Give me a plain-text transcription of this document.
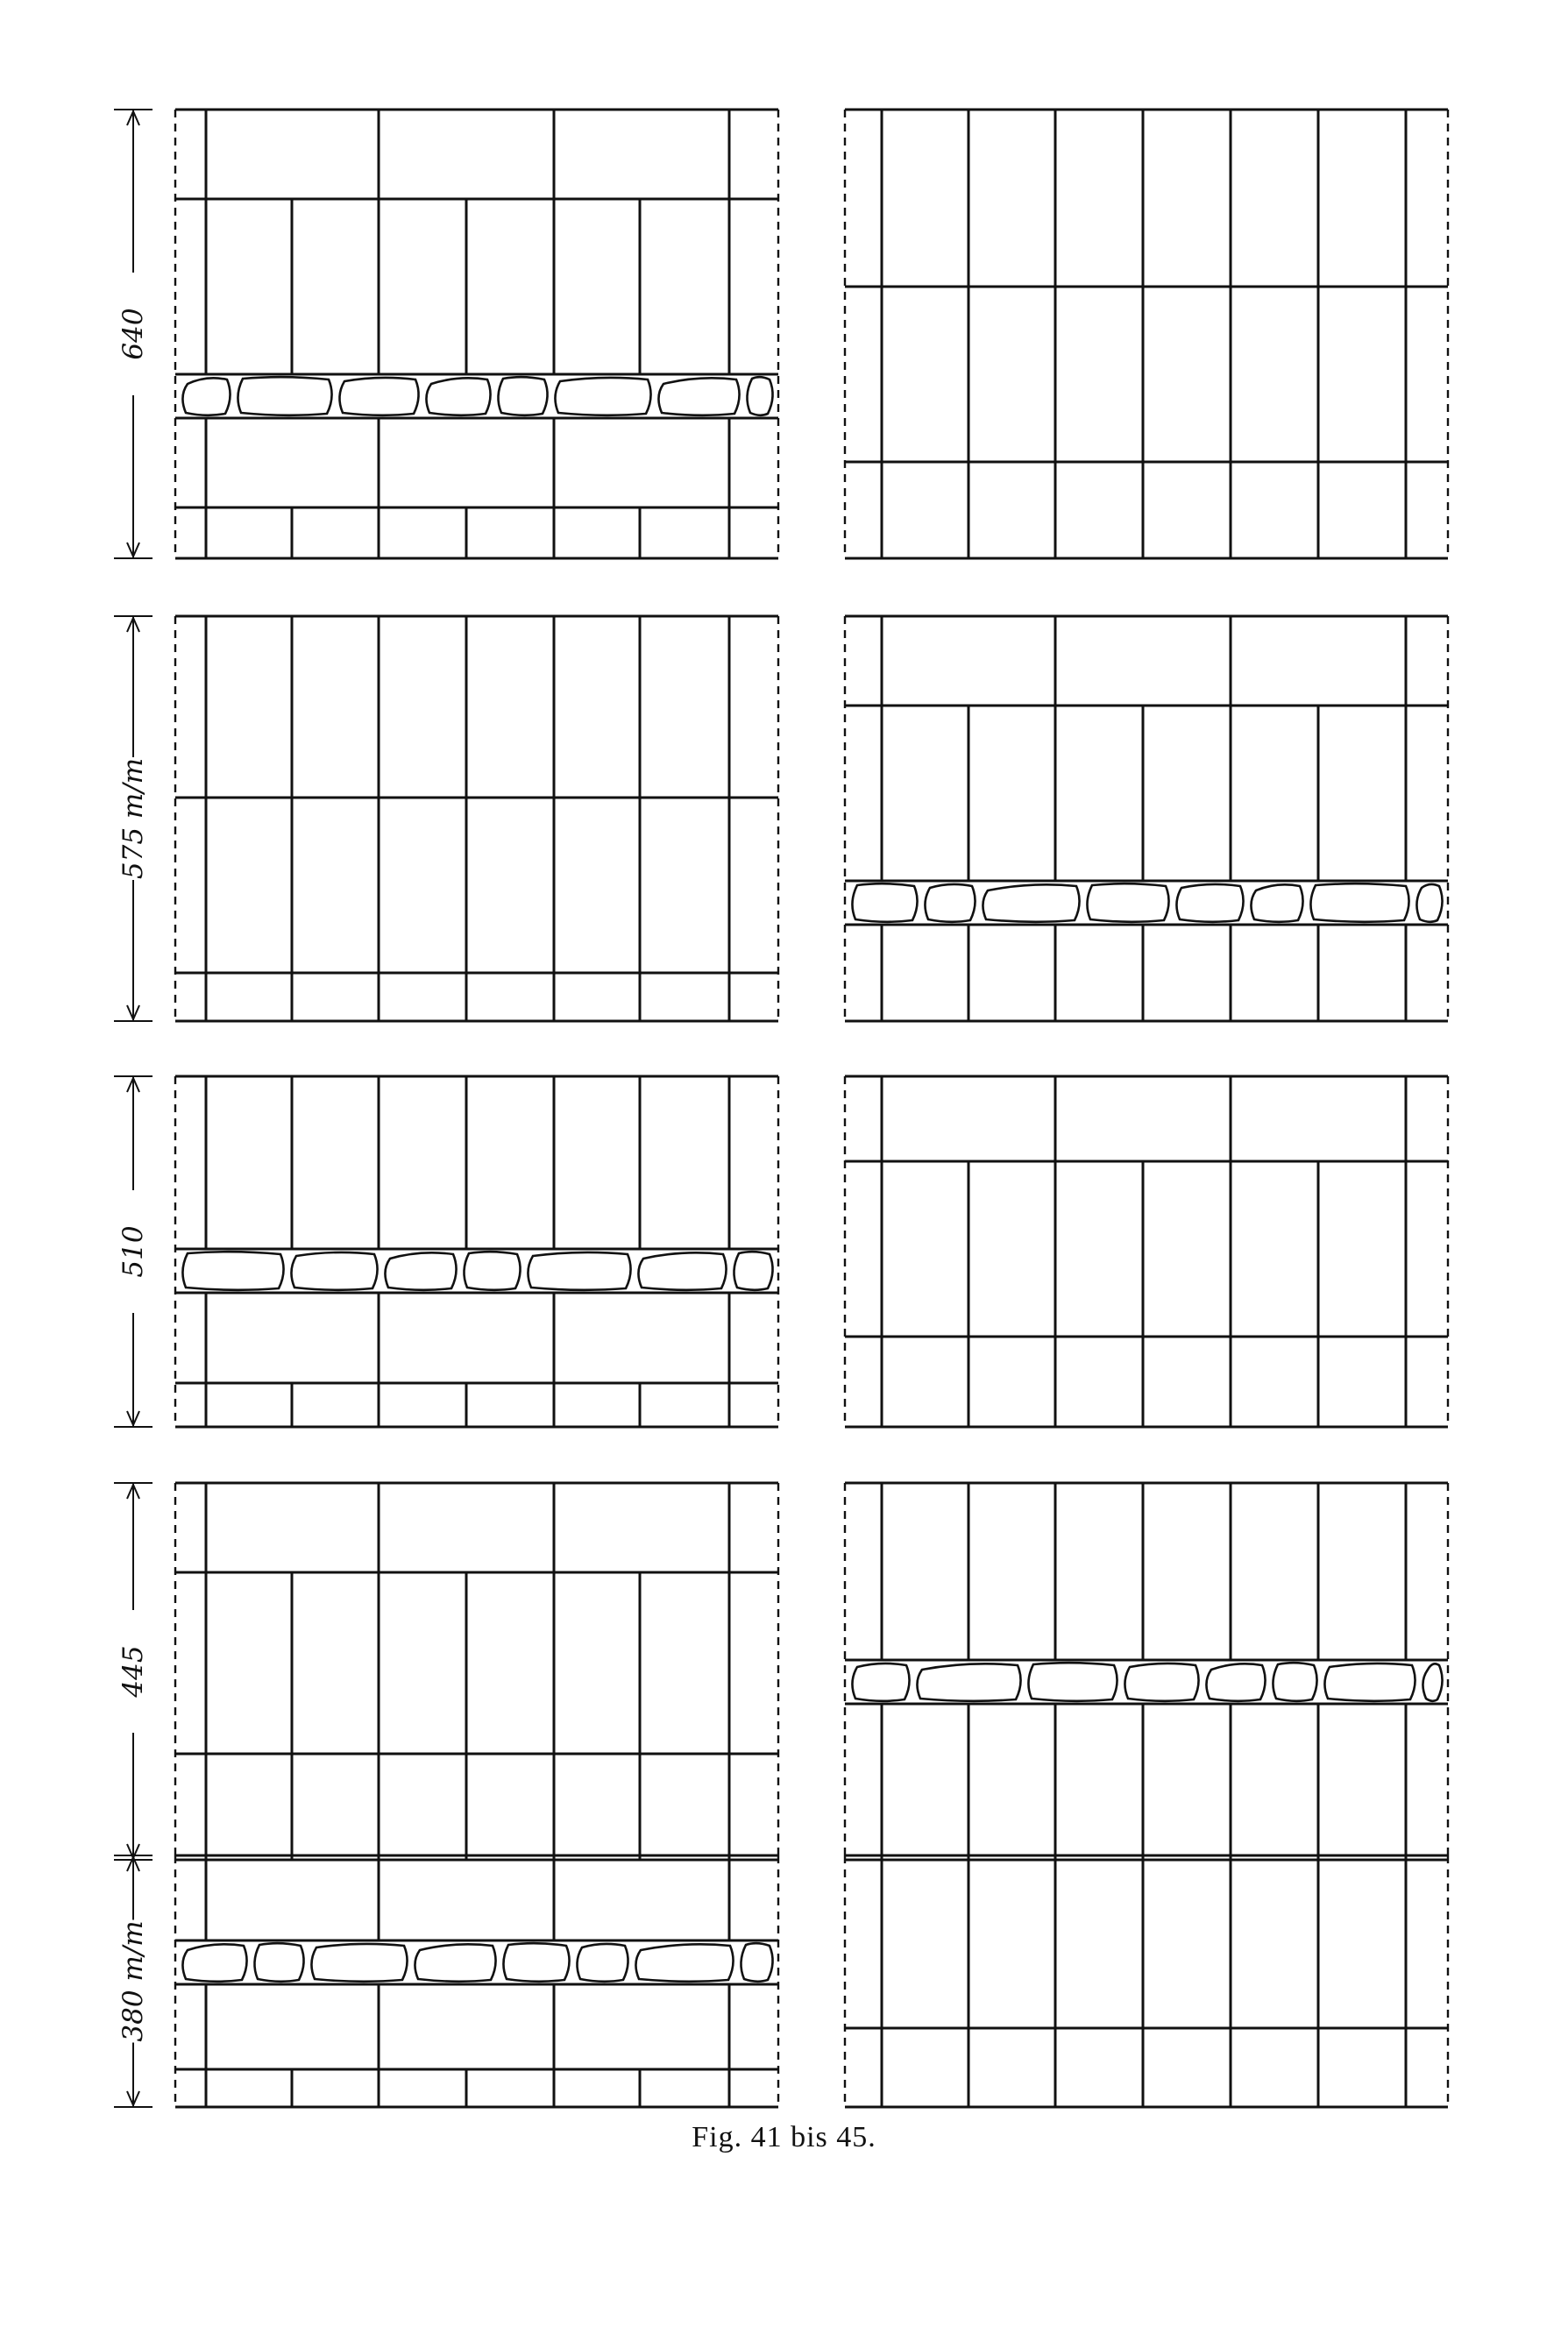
640
575 m/m
510
445
380 m/m
Fig. 41 bis 45.
